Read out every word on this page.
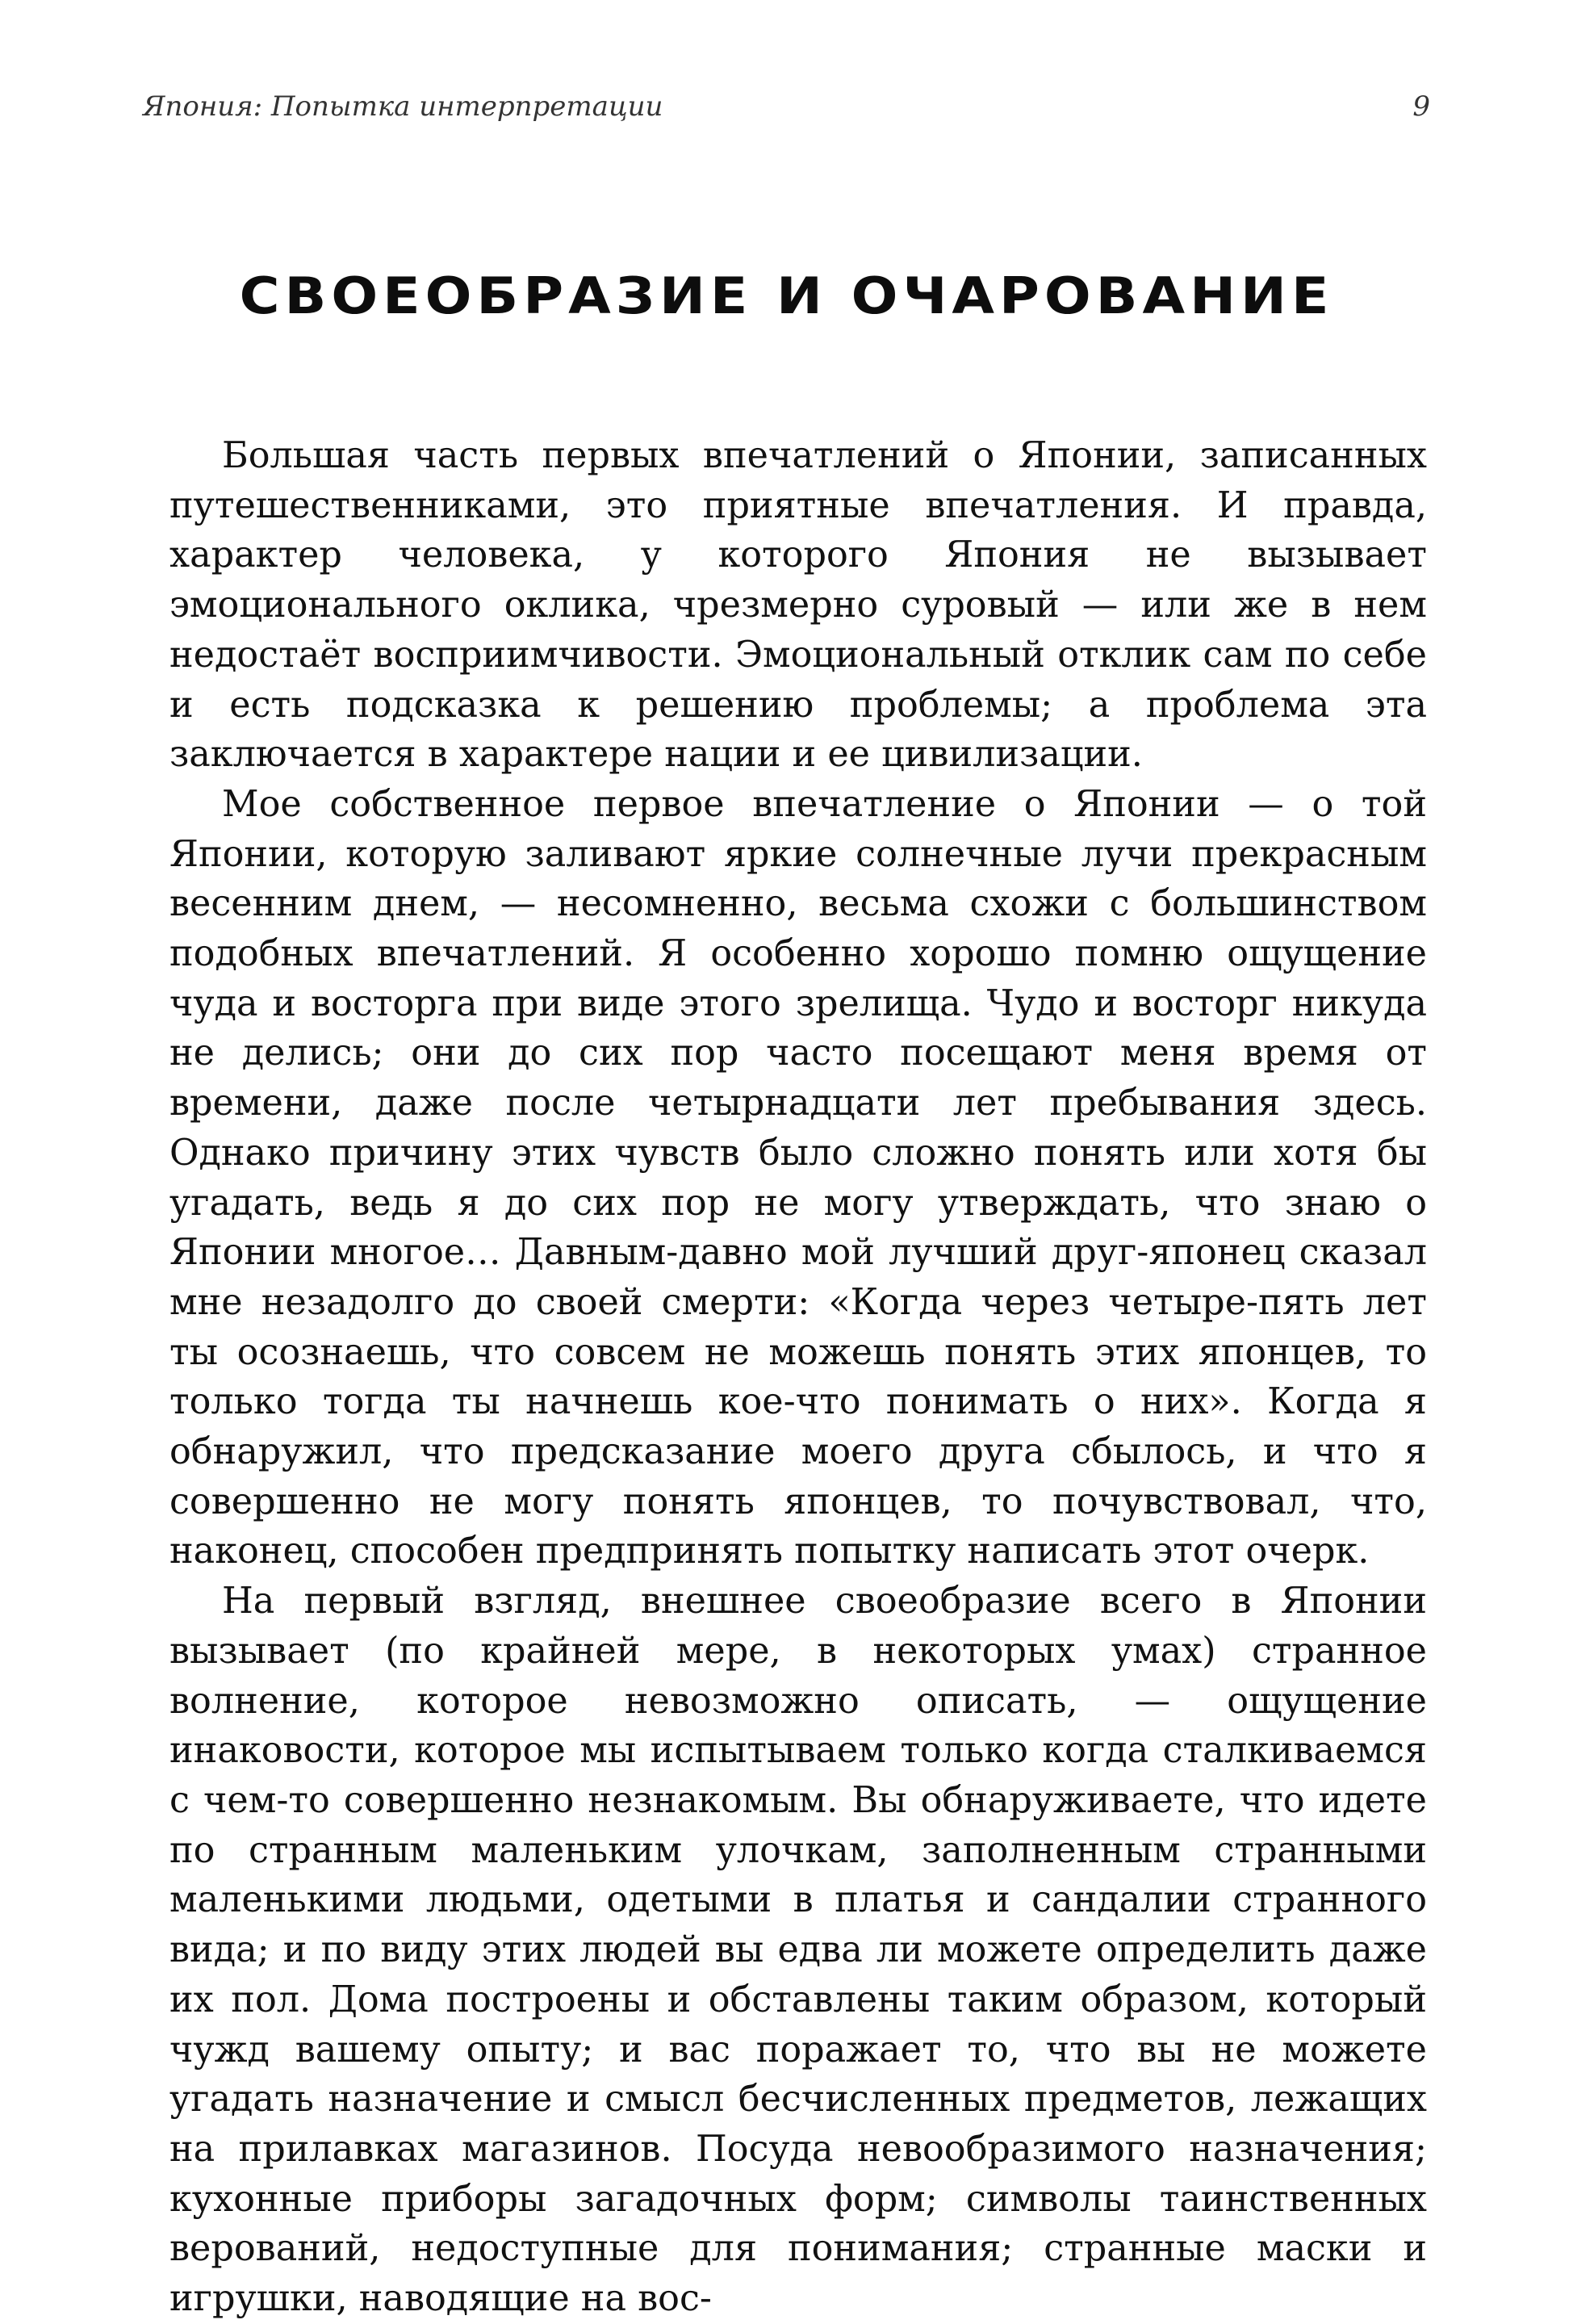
Япония: Попытка интерпретации	9
СВОЕОБРАЗИЕ И ОЧАРОВАНИЕ

Большая часть первых впечатлений о Японии, записанных путешественниками, это приятные впечатления. И правда, характер человека, у которого Япония не вызывает эмоционального оклика, чрезмерно суровый — или же в нем недостаёт восприимчивости. Эмоциональный отклик сам по себе и есть подсказка к решению проблемы; а проблема эта заключается в характере нации и ее цивилизации.

Мое собственное первое впечатление о Японии — о той Японии, которую заливают яркие солнечные лучи прекрасным весенним днем, — несомненно, весьма схожи с большинством подобных впечатлений. Я особенно хорошо помню ощущение чуда и восторга при виде этого зрелища. Чудо и восторг никуда не делись; они до сих пор часто посещают меня время от времени, даже после четырнадцати лет пребывания здесь. Однако причину этих чувств было сложно понять или хотя бы угадать, ведь я до сих пор не могу утверждать, что знаю о Японии многое… Давным-давно мой лучший друг-японец сказал мне незадолго до своей смерти: «Когда через четыре-пять лет ты осознаешь, что совсем не можешь понять этих японцев, то только тогда ты начнешь кое-что понимать о них». Когда я обнаружил, что предсказание моего друга сбылось, и что я совершенно не могу понять японцев, то почувствовал, что, наконец, способен предпринять попытку написать этот очерк.

На первый взгляд, внешнее своеобразие всего в Японии вызывает (по крайней мере, в некоторых умах) странное волнение, которое невозможно описать, — ощущение инаковости, которое мы испытываем только когда сталкиваемся с чем-то совершенно незнакомым. Вы обнаруживаете, что идете по странным маленьким улочкам, заполненным странными маленькими людьми, одетыми в платья и сандалии странного вида; и по виду этих людей вы едва ли можете определить даже их пол. Дома построены и обставлены таким образом, который чужд вашему опыту; и вас поражает то, что вы не можете угадать назначение и смысл бесчисленных предметов, лежащих на прилавках магазинов. Посуда невообразимого назначения; кухонные приборы загадочных форм; символы таинственных верований, недоступные для понимания; странные маски и игрушки, наводящие на вос-
